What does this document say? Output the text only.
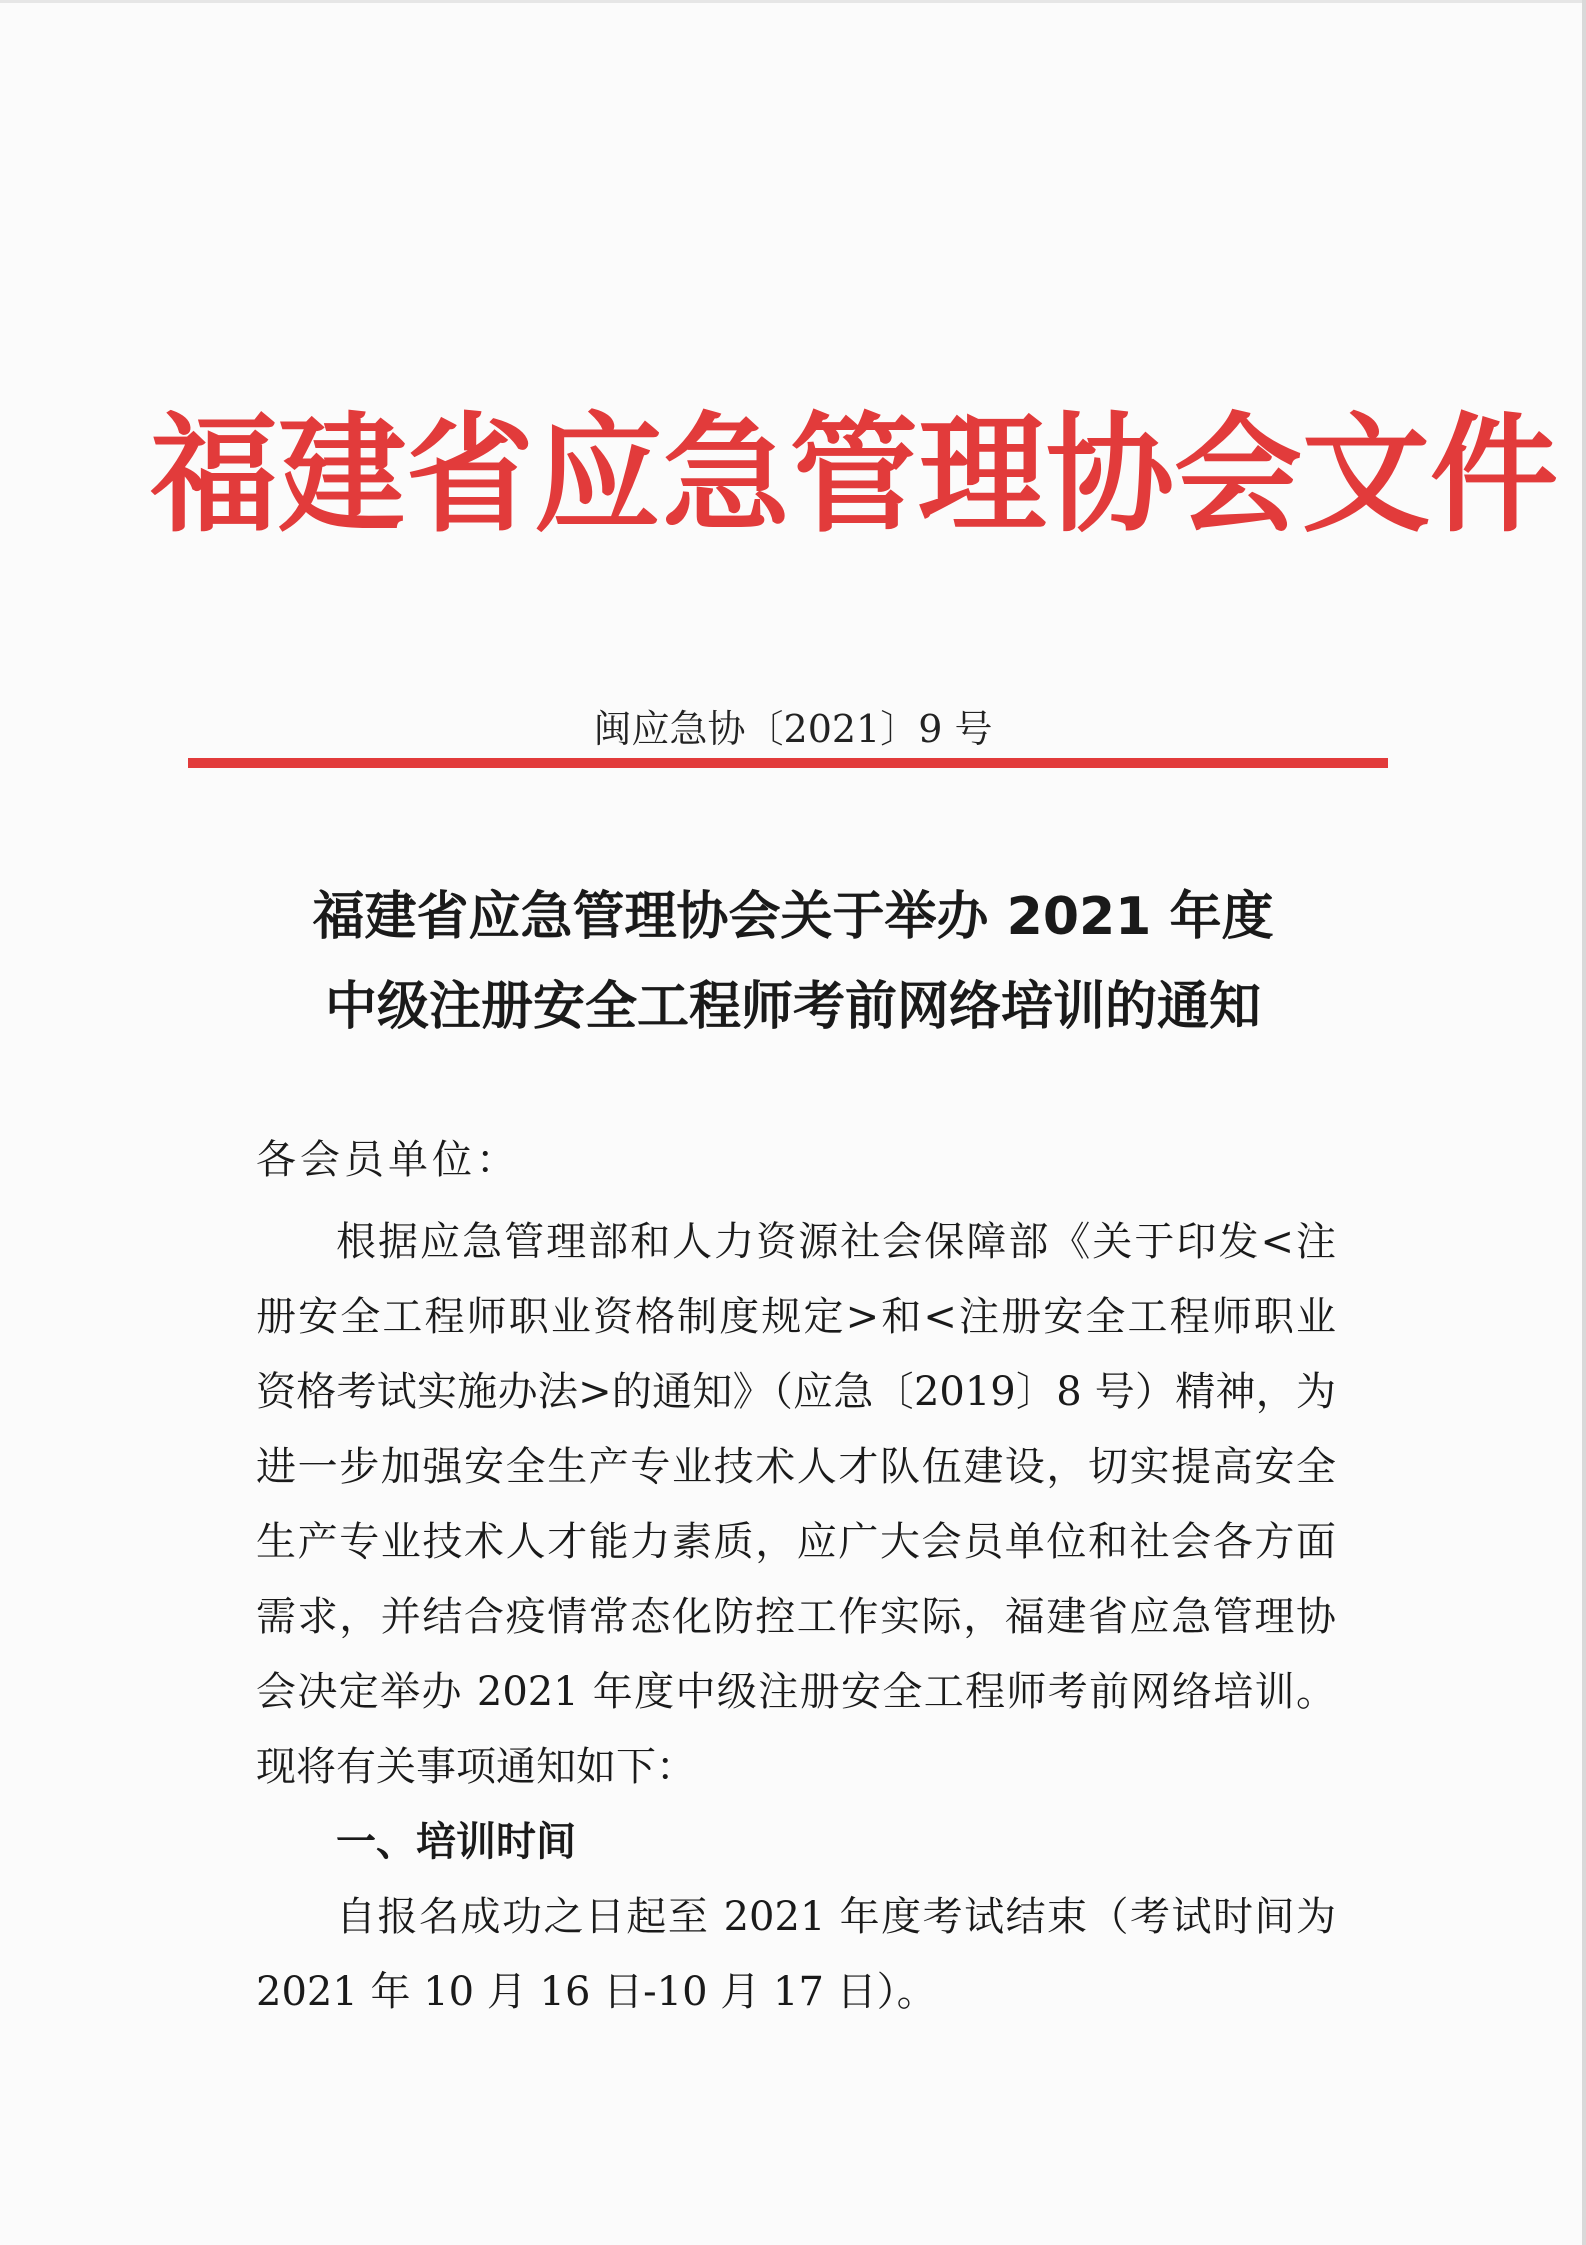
福建省应急管理协会文件
闽应急协〔2021〕9 号
福建省应急管理协会关于举办 2021 年度
中级注册安全工程师考前网络培训的通知
各会员单位：
根据应急管理部和人力资源社会保障部《关于印发<注
册安全工程师职业资格制度规定>和<注册安全工程师职业
资格考试实施办法>的通知》（应急〔2019〕8 号）精神，为
进一步加强安全生产专业技术人才队伍建设，切实提高安全
生产专业技术人才能力素质，应广大会员单位和社会各方面
需求，并结合疫情常态化防控工作实际，福建省应急管理协
会决定举办 2021 年度中级注册安全工程师考前网络培训。
现将有关事项通知如下：
一、培训时间
自报名成功之日起至 2021 年度考试结束（考试时间为
2021 年 10 月 16 日-10 月 17 日）。
